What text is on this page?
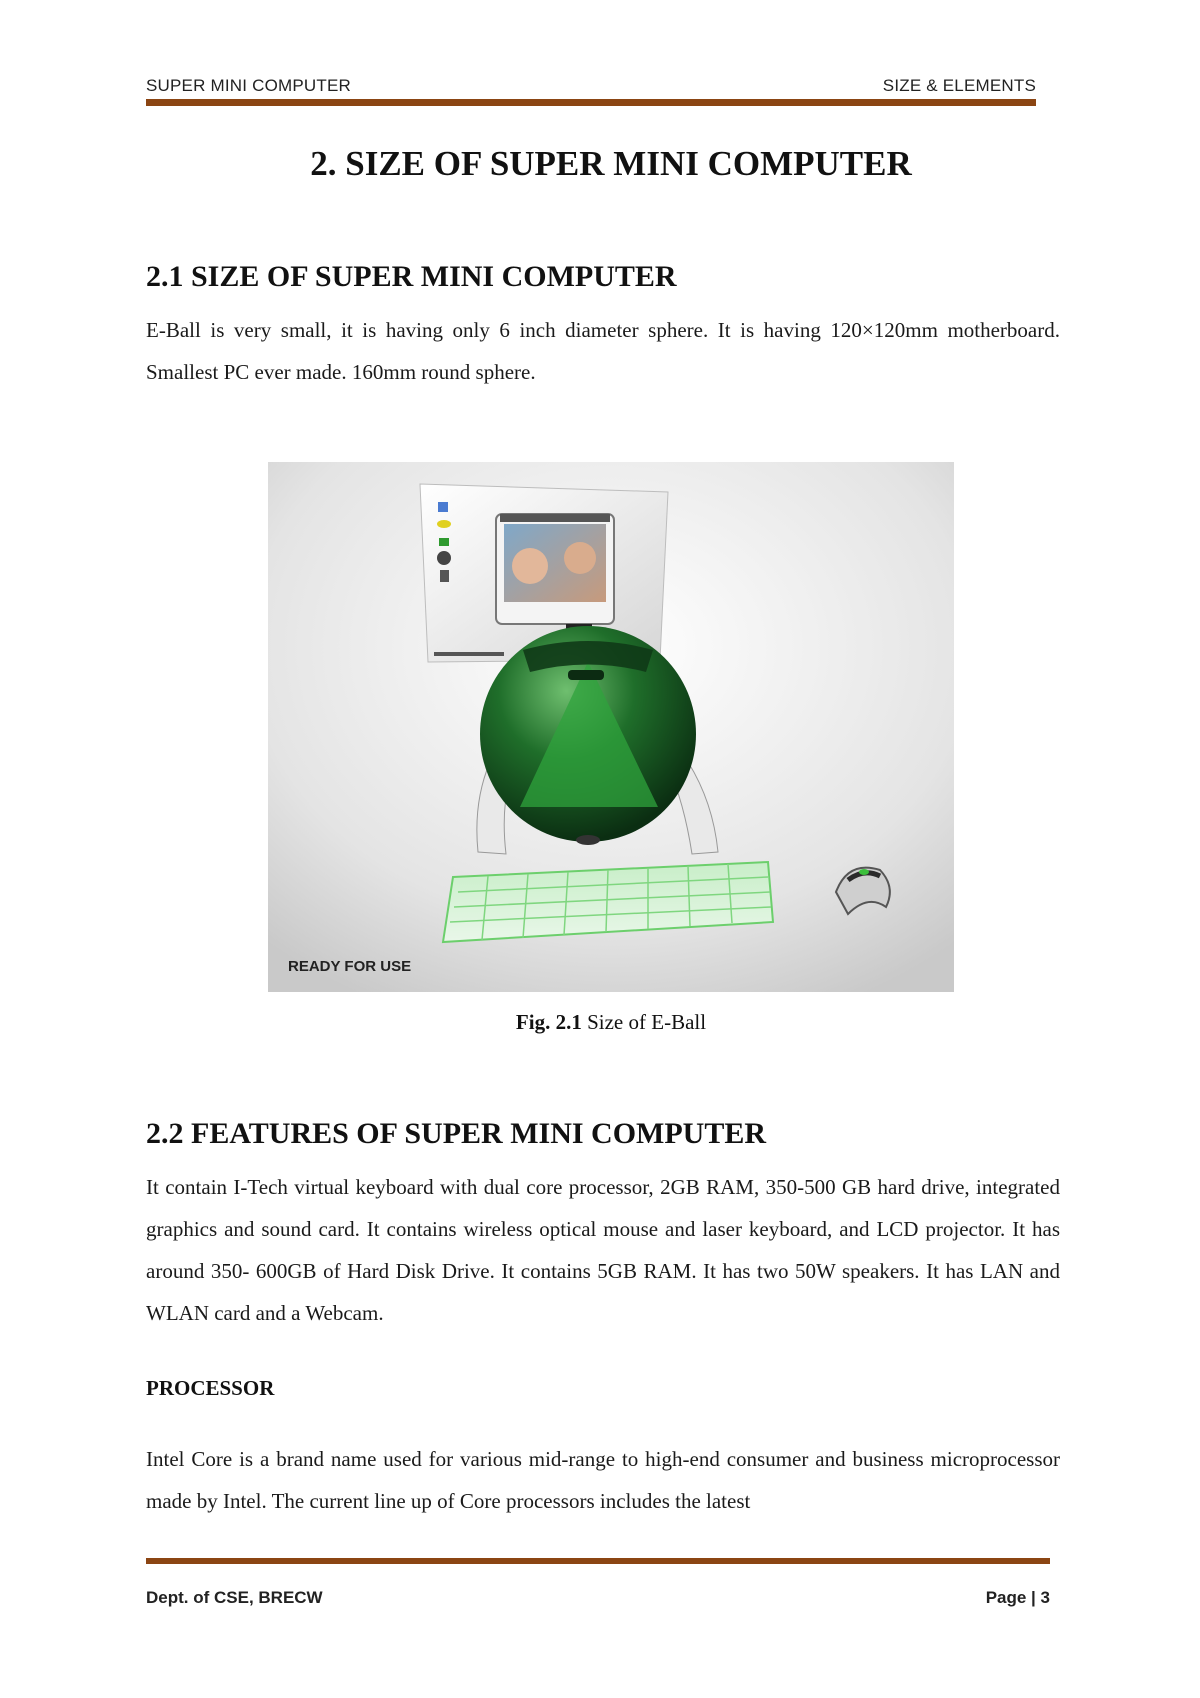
SUPER MINI COMPUTER	SIZE & ELEMENTS
2. SIZE OF SUPER MINI COMPUTER
2.1 SIZE OF SUPER MINI COMPUTER
E-Ball is very small, it is having only 6 inch diameter sphere. It is having 120×120mm motherboard. Smallest PC ever made. 160mm round sphere.
READY FOR USE
Fig. 2.1 Size of E-Ball
2.2 FEATURES OF SUPER MINI COMPUTER
It contain I-Tech virtual keyboard with dual core processor, 2GB RAM, 350-500 GB hard drive, integrated graphics and sound card. It contains wireless optical mouse and laser keyboard, and LCD projector. It has around 350- 600GB of Hard Disk Drive. It contains 5GB RAM. It has two 50W speakers. It has LAN and WLAN card and a Webcam.
PROCESSOR
Intel Core is a brand name used for various mid-range to high-end consumer and business microprocessor made by Intel. The current line up of Core processors includes the latest
Dept. of CSE, BRECW	Page | 3
